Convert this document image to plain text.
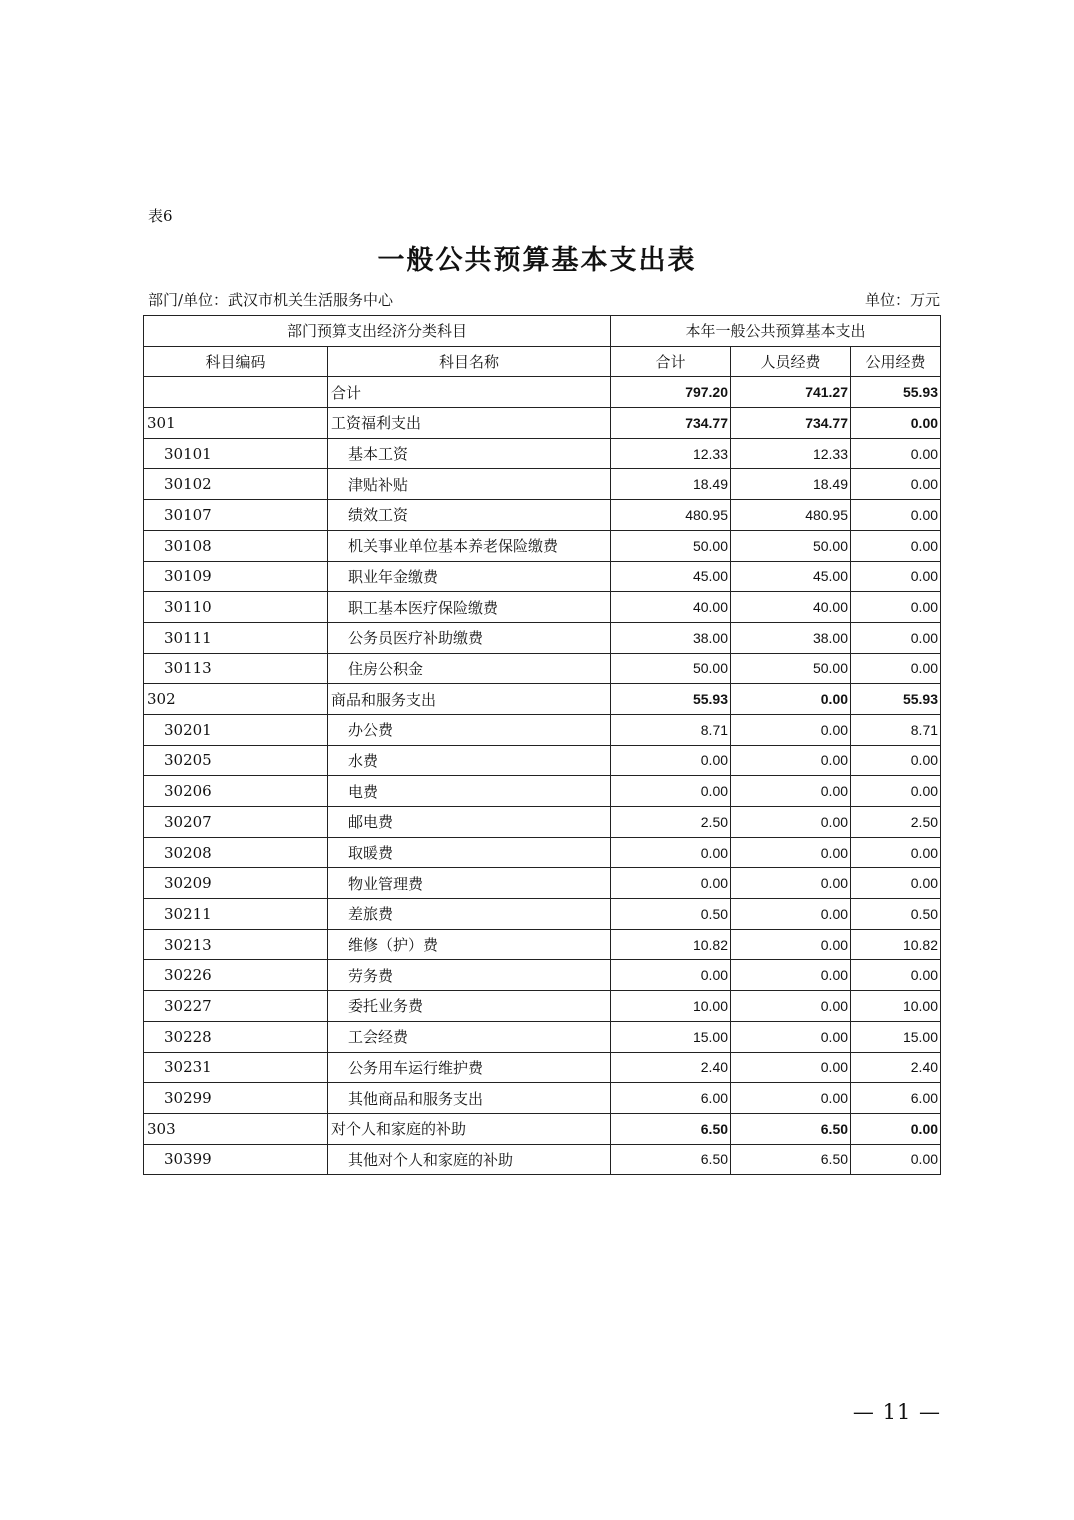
表6
一般公共预算基本支出表
部门/单位：武汉市机关生活服务中心	单位：万元
部门预算支出经济分类科目		本年一般公共预算基本支出		
科目编码	科目名称	合计	人员经费	公用经费
	合计	797.20	741.27	55.93
301	工资福利支出	734.77	734.77	0.00
30101	基本工资	12.33	12.33	0.00
30102	津贴补贴	18.49	18.49	0.00
30107	绩效工资	480.95	480.95	0.00
30108	机关事业单位基本养老保险缴费	50.00	50.00	0.00
30109	职业年金缴费	45.00	45.00	0.00
30110	职工基本医疗保险缴费	40.00	40.00	0.00
30111	公务员医疗补助缴费	38.00	38.00	0.00
30113	住房公积金	50.00	50.00	0.00
302	商品和服务支出	55.93	0.00	55.93
30201	办公费	8.71	0.00	8.71
30205	水费	0.00	0.00	0.00
30206	电费	0.00	0.00	0.00
30207	邮电费	2.50	0.00	2.50
30208	取暖费	0.00	0.00	0.00
30209	物业管理费	0.00	0.00	0.00
30211	差旅费	0.50	0.00	0.50
30213	维修（护）费	10.82	0.00	10.82
30226	劳务费	0.00	0.00	0.00
30227	委托业务费	10.00	0.00	10.00
30228	工会经费	15.00	0.00	15.00
30231	公务用车运行维护费	2.40	0.00	2.40
30299	其他商品和服务支出	6.00	0.00	6.00
303	对个人和家庭的补助	6.50	6.50	0.00
30399	其他对个人和家庭的补助	6.50	6.50	0.00
— 11 —
